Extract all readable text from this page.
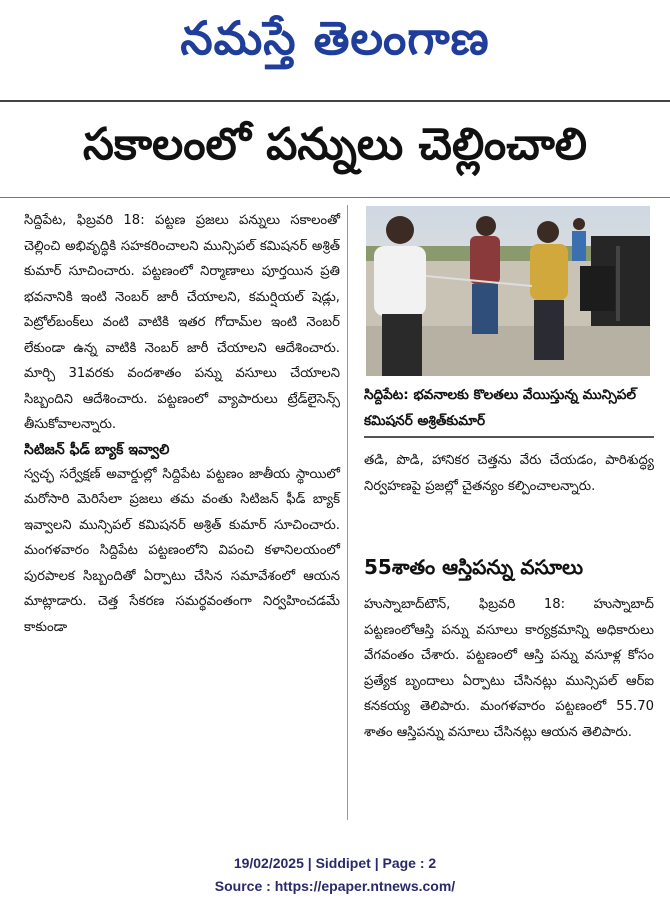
నమస్తే తెలంగాణ
సకాలంలో పన్నులు చెల్లించాలి

సిద్దిపేట, ఫిబ్రవరి 18: పట్టణ ప్రజలు పన్నులు సకాలంతో చెల్లించి అభివృద్ధికి సహకరించాలని మున్సిపల్ కమిషనర్ అశ్రిత్ కుమార్ సూచించారు. పట్టణంలో నిర్మాణాలు పూర్తయిన ప్రతి భవనానికి ఇంటి నెంబర్ జారీ చేయాలని, కమర్షియల్ షెడ్లు, పెట్రోల్‌బంక్‌లు వంటి వాటికి ఇతర గోదామ్‌ల ఇంటి నెంబర్ లేకుండా ఉన్న వాటికి నెంబర్ జారీ చేయాలని ఆదేశించారు. మార్చి 31వరకు వందశాతం పన్ను వసూలు చేయాలని సిబ్బందిని ఆదేశించారు. పట్టణంలో వ్యాపారులు ట్రేడ్‌లైసెన్స్ తీసుకోవాలన్నారు.

సిటిజన్ ఫీడ్ బ్యాక్ ఇవ్వాలి

స్వచ్ఛ సర్వేక్షణ్ అవార్డుల్లో సిద్దిపేట పట్టణం జాతీయ స్థాయిలో మరోసారి మెరిసేలా ప్రజలు తమ వంతు సిటిజన్ ఫీడ్ బ్యాక్ ఇవ్వాలని మున్సిపల్ కమిషనర్ అశ్రిత్ కుమార్ సూచించారు. మంగళవారం సిద్దిపేట పట్టణంలోని విపంచి కళానిలయంలో పురపాలక సిబ్బందితో ఏర్పాటు చేసిన సమావేశంలో ఆయన మాట్లాడారు. చెత్త సేకరణ సమర్థవంతంగా నిర్వహించడమే కాకుండా

సిద్దిపేట: భవనాలకు కొలతలు వేయిస్తున్న మున్సిపల్ కమిషనర్ అశ్రిత్‌కుమార్

తడి, పొడి, హానికర చెత్తను వేరు చేయడం, పారిశుద్ధ్య నిర్వహణపై ప్రజల్లో చైతన్యం కల్పించాలన్నారు.

55శాతం ఆస్తిపన్ను వసూలు

హుస్నాబాద్‌టౌన్, ఫిబ్రవరి 18: హుస్నాబాద్ పట్టణంలోఆస్తి పన్ను వసూలు కార్యక్రమాన్ని అధికారులు వేగవంతం చేశారు. పట్టణంలో ఆస్తి పన్ను వసూళ్ల కోసం ప్రత్యేక బృందాలు ఏర్పాటు చేసినట్లు మున్సిపల్ ఆర్ఐ కనకయ్య తెలిపారు. మంగళవారం పట్టణంలో 55.70 శాతం ఆస్తిపన్ను వసూలు చేసినట్లు ఆయన తెలిపారు.

19/02/2025 | Siddipet | Page : 2
Source : https://epaper.ntnews.com/
